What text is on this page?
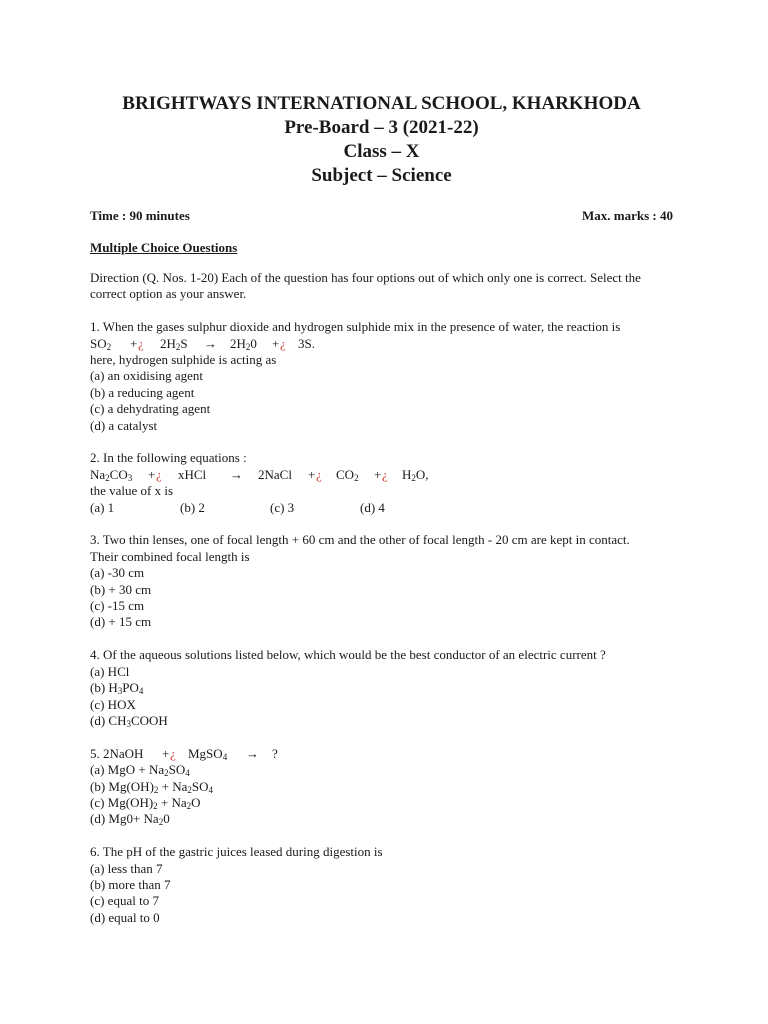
BRIGHTWAYS INTERNATIONAL SCHOOL, KHARKHODA
Pre-Board – 3 (2021-22)
Class – X
Subject – Science
Time : 90 minutes	Max. marks : 40
Multiple Choice Ouestions
Direction (Q. Nos. 1-20) Each of the question has four options out of which only one is correct. Select the correct option as your answer.
1. When the gases sulphur dioxide and hydrogen sulphide mix in the presence of water, the reaction is
$SO_2$	+ ¿	$2H_2S$	→	$2H_20$	+ ¿ 3S.
here, hydrogen sulphide is acting as
(a) an oxidising agent
(b) a reducing agent
(c) a dehydrating agent
(d) a catalyst
2. In the following equations :
$Na_2CO_3$	+ ¿	xHCl	→	2NaCl	+ ¿	$CO_2$	+ ¿	$H_2O$,
the value of x is
(a) 1	(b) 2	(c) 3	(d) 4
3. Two thin lenses, one of focal length + 60 cm and the other of focal length - 20 cm are kept in contact.
Their combined focal length is
(a) -30 cm
(b) + 30 cm
(c) -15 cm
(d) + 15 cm
4. Of the aqueous solutions listed below, which would be the best conductor of an electric current ?
(a) HCl
(b) $H_3PO_4$
(c) HOX
(d) $CH_3COOH$
5. 2NaOH	+ ¿ MgSO$_4$	→	?
(a) MgO + $Na_2SO_4$
(b) $Mg(OH)_2 + Na_2SO_4$
(c) $Mg(OH)_2 + Na_2O$
(d) $Mg0+ Na_20$
6. The pH of the gastric juices leased during digestion is
(a) less than 7
(b) more than 7
(c) equal to 7
(d) equal to 0
